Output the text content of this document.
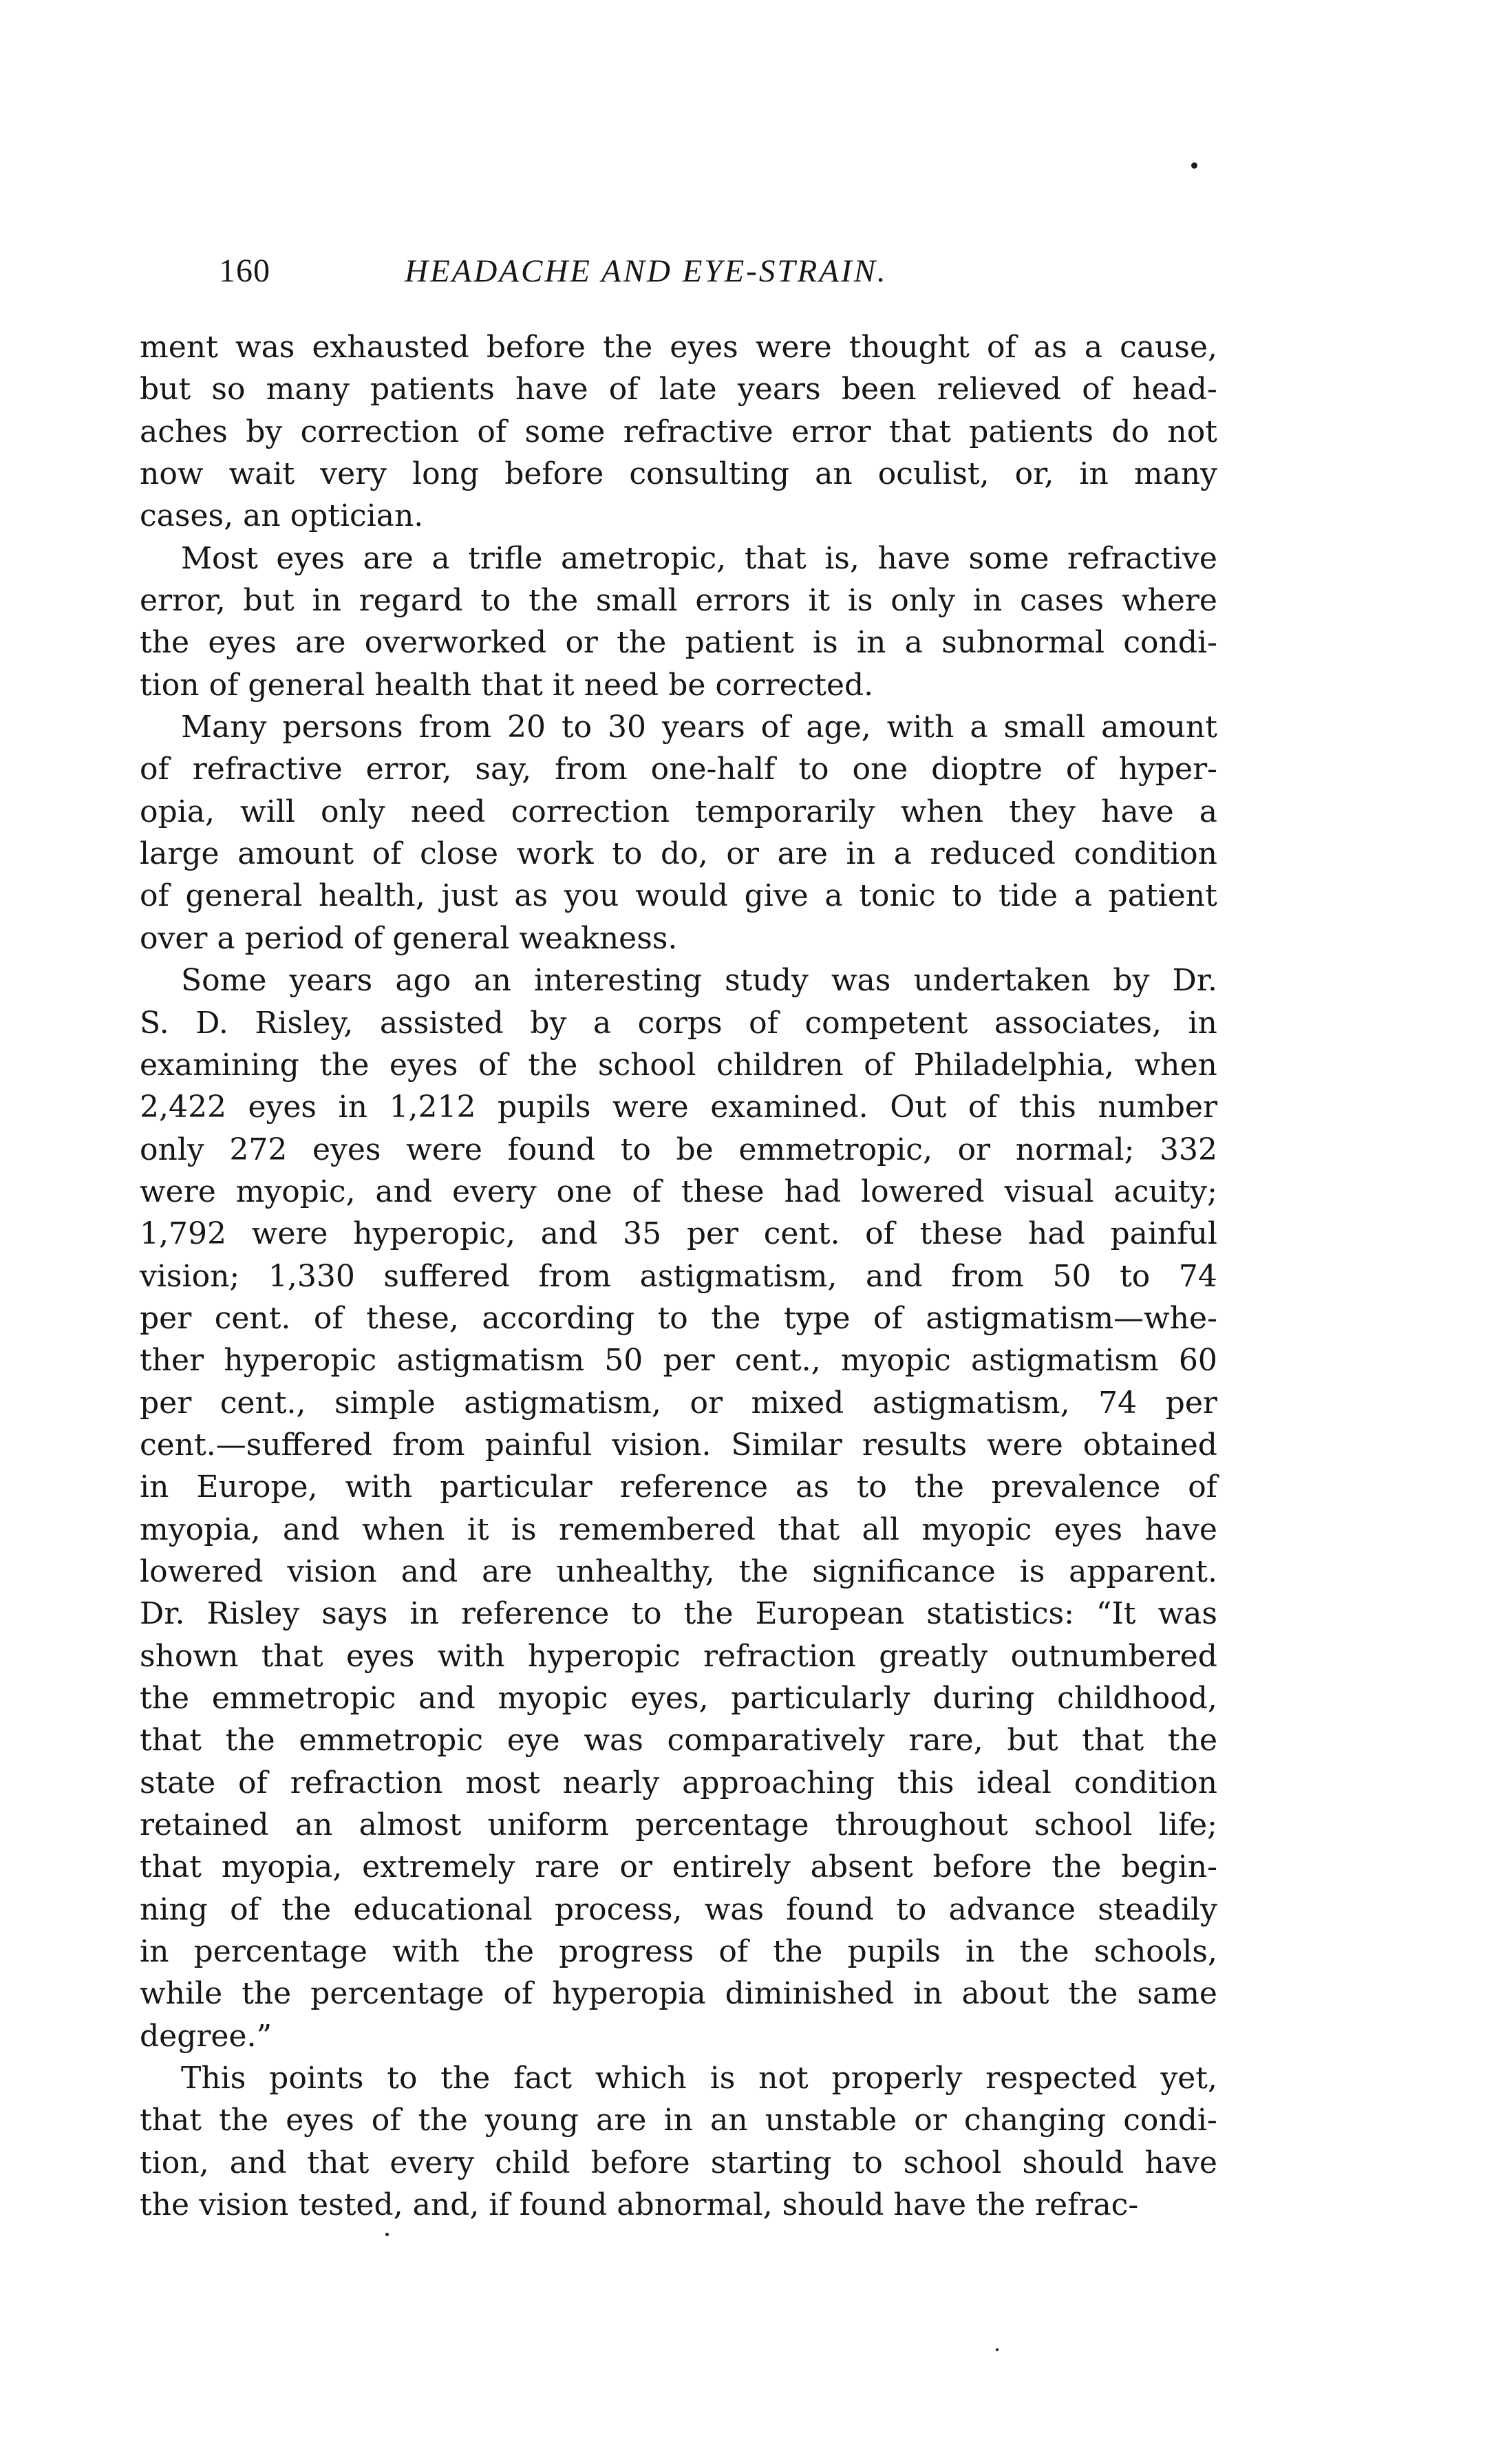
160	HEADACHE AND EYE-STRAIN.
ment was exhausted before the eyes were thought of as a cause,
but so many patients have of late years been relieved of head-
aches by correction of some refractive error that patients do not
now wait very long before consulting an oculist, or, in many
cases, an optician.
Most eyes are a trifle ametropic, that is, have some refractive
error, but in regard to the small errors it is only in cases where
the eyes are overworked or the patient is in a subnormal condi-
tion of general health that it need be corrected.
Many persons from 20 to 30 years of age, with a small amount
of refractive error, say, from one-half to one dioptre of hyper-
opia, will only need correction temporarily when they have a
large amount of close work to do, or are in a reduced condition
of general health, just as you would give a tonic to tide a patient
over a period of general weakness.
Some years ago an interesting study was undertaken by Dr.
S. D. Risley, assisted by a corps of competent associates, in
examining the eyes of the school children of Philadelphia, when
2,422 eyes in 1,212 pupils were examined. Out of this number
only 272 eyes were found to be emmetropic, or normal; 332
were myopic, and every one of these had lowered visual acuity;
1,792 were hyperopic, and 35 per cent. of these had painful
vision; 1,330 suffered from astigmatism, and from 50 to 74
per cent. of these, according to the type of astigmatism—whe-
ther hyperopic astigmatism 50 per cent., myopic astigmatism 60
per cent., simple astigmatism, or mixed astigmatism, 74 per
cent.—suffered from painful vision. Similar results were obtained
in Europe, with particular reference as to the prevalence of
myopia, and when it is remembered that all myopic eyes have
lowered vision and are unhealthy, the significance is apparent.
Dr. Risley says in reference to the European statistics: “It was
shown that eyes with hyperopic refraction greatly outnumbered
the emmetropic and myopic eyes, particularly during childhood,
that the emmetropic eye was comparatively rare, but that the
state of refraction most nearly approaching this ideal condition
retained an almost uniform percentage throughout school life;
that myopia, extremely rare or entirely absent before the begin-
ning of the educational process, was found to advance steadily
in percentage with the progress of the pupils in the schools,
while the percentage of hyperopia diminished in about the same
degree.”
This points to the fact which is not properly respected yet,
that the eyes of the young are in an unstable or changing condi-
tion, and that every child before starting to school should have
the vision tested, and, if found abnormal, should have the refrac-
